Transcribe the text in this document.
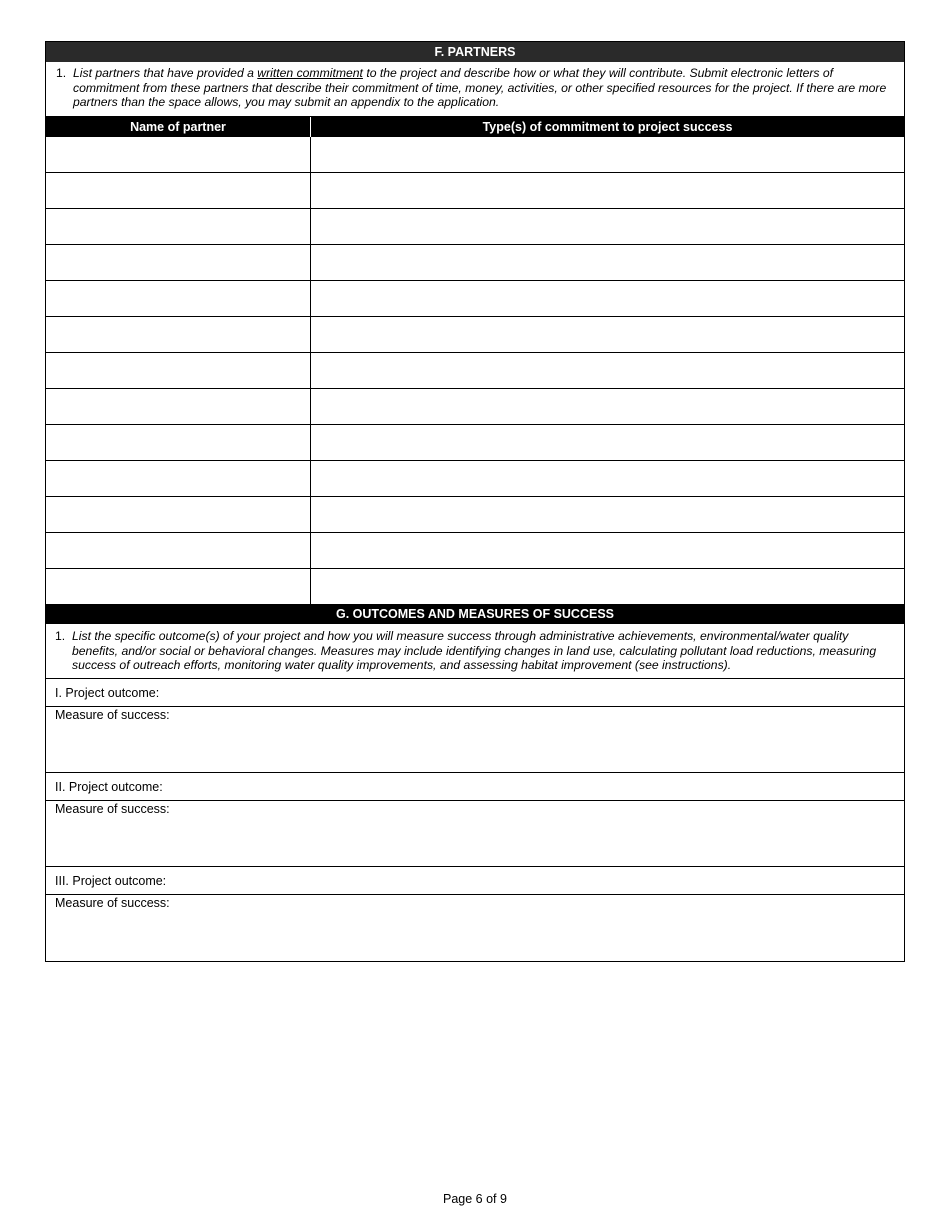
F. PARTNERS
1. List partners that have provided a written commitment to the project and describe how or what they will contribute. Submit electronic letters of commitment from these partners that describe their commitment of time, money, activities, or other specified resources for the project. If there are more partners than the space allows, you may submit an appendix to the application.
Name of partner	Type(s) of commitment to project success
G. OUTCOMES AND MEASURES OF SUCCESS
1. List the specific outcome(s) of your project and how you will measure success through administrative achievements, environmental/water quality benefits, and/or social or behavioral changes. Measures may include identifying changes in land use, calculating pollutant load reductions, measuring success of outreach efforts, monitoring water quality improvements, and assessing habitat improvement (see instructions).
I. Project outcome:
Measure of success:
II. Project outcome:
Measure of success:
III. Project outcome:
Measure of success:
Page 6 of 9
